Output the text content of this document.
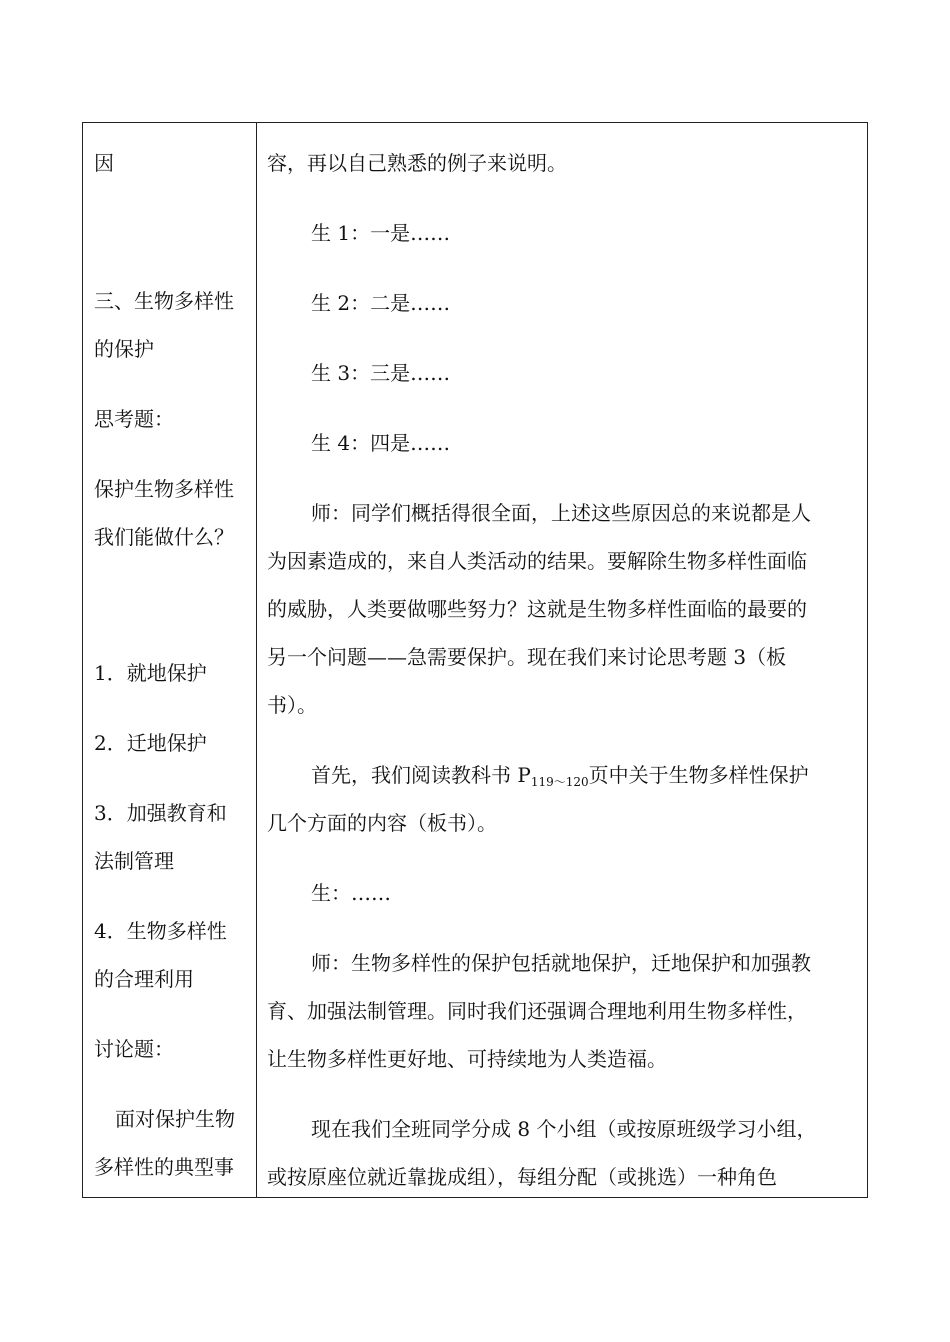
因
三、生物多样性
的保护
思考题：
保护生物多样性
我们能做什么？
1．就地保护
2．迁地保护
3．加强教育和
法制管理
4．生物多样性
的合理利用
讨论题：
面对保护生物
多样性的典型事
容，再以自己熟悉的例子来说明。
生 1：一是……
生 2：二是……
生 3：三是……
生 4：四是……
师：同学们概括得很全面，上述这些原因总的来说都是人
为因素造成的，来自人类活动的结果。要解除生物多样性面临
的威胁，人类要做哪些努力？这就是生物多样性面临的最要的
另一个问题——急需要保护。现在我们来讨论思考题 3（板
书）。
首先，我们阅读教科书 $P_{119\sim 120}$页中关于生物多样性保护
几个方面的内容（板书）。
生：……
师：生物多样性的保护包括就地保护，迁地保护和加强教
育、加强法制管理。同时我们还强调合理地利用生物多样性，
让生物多样性更好地、可持续地为人类造福。
现在我们全班同学分成 8 个小组（或按原班级学习小组，
或按原座位就近靠拢成组），每组分配（或挑选）一种角色
